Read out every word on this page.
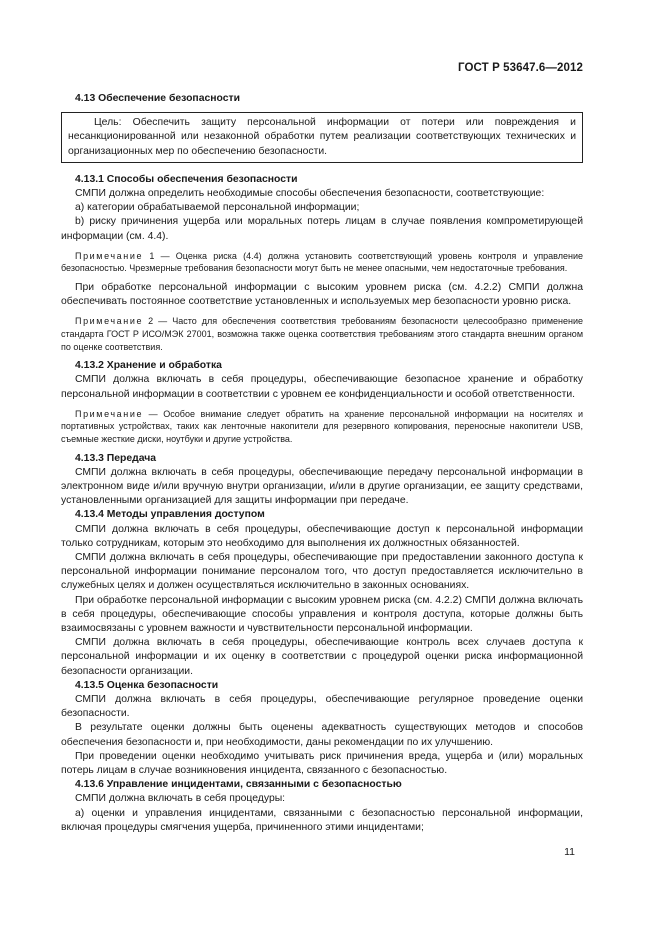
ГОСТ Р 53647.6—2012

4.13 Обеспечение безопасности

Цель: Обеспечить защиту персональной информации от потери или повреждения и несанкционированной или незаконной обработки путем реализации соответствующих технических и организационных мер по обеспечению безопасности.

4.13.1 Способы обеспечения безопасности

СМПИ должна определить необходимые способы обеспечения безопасности, соответствующие:

а) категории обрабатываемой персональной информации;

b) риску причинения ущерба или моральных потерь лицам в случае появления компрометирующей информации (см. 4.4).

Примечание 1 — Оценка риска (4.4) должна установить соответствующий уровень контроля и управление безопасностью. Чрезмерные требования безопасности могут быть не менее опасными, чем недостаточные требования.

При обработке персональной информации с высоким уровнем риска (см. 4.2.2) СМПИ должна обеспечивать постоянное соответствие установленных и используемых мер безопасности уровню риска.

Примечание 2 — Часто для обеспечения соответствия требованиям безопасности целесообразно применение стандарта ГОСТ Р ИСО/МЭК 27001, возможна также оценка соответствия требованиям этого стандарта внешним органом по оценке соответствия.

4.13.2 Хранение и обработка

СМПИ должна включать в себя процедуры, обеспечивающие безопасное хранение и обработку персональной информации в соответствии с уровнем ее конфиденциальности и особой ответственности.

Примечание — Особое внимание следует обратить на хранение персональной информации на носителях и портативных устройствах, таких как ленточные накопители для резервного копирования, переносные накопители USB, съемные жесткие диски, ноутбуки и другие устройства.

4.13.3 Передача

СМПИ должна включать в себя процедуры, обеспечивающие передачу персональной информации в электронном виде и/или вручную внутри организации, и/или в другие организации, ее защиту средствами, установленными организацией для защиты информации при передаче.

4.13.4 Методы управления доступом

СМПИ должна включать в себя процедуры, обеспечивающие доступ к персональной информации только сотрудникам, которым это необходимо для выполнения их должностных обязанностей.

СМПИ должна включать в себя процедуры, обеспечивающие при предоставлении законного доступа к персональной информации понимание персоналом того, что доступ предоставляется исключительно в служебных целях и должен осуществляться исключительно в законных основаниях.

При обработке персональной информации с высоким уровнем риска (см. 4.2.2) СМПИ должна включать в себя процедуры, обеспечивающие способы управления и контроля доступа, которые должны быть взаимосвязаны с уровнем важности и чувствительности персональной информации.

СМПИ должна включать в себя процедуры, обеспечивающие контроль всех случаев доступа к персональной информации и их оценку в соответствии с процедурой оценки риска информационной безопасности организации.

4.13.5 Оценка безопасности

СМПИ должна включать в себя процедуры, обеспечивающие регулярное проведение оценки безопасности.

В результате оценки должны быть оценены адекватность существующих методов и способов обеспечения безопасности и, при необходимости, даны рекомендации по их улучшению.

При проведении оценки необходимо учитывать риск причинения вреда, ущерба и (или) моральных потерь лицам в случае возникновения инцидента, связанного с безопасностью.

4.13.6 Управление инцидентами, связанными с безопасностью

СМПИ должна включать в себя процедуры:

а) оценки и управления инцидентами, связанными с безопасностью персональной информации, включая процедуры смягчения ущерба, причиненного этими инцидентами;

11
